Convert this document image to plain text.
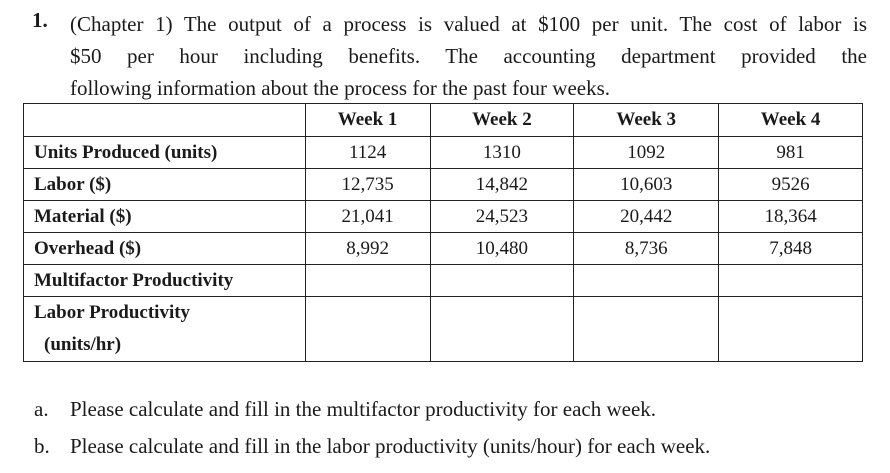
1. (Chapter 1) The output of a process is valued at $100 per unit. The cost of labor is
$50 per hour including benefits. The accounting department provided the
following information about the process for the past four weeks.
	Week 1	Week 2	Week 3	Week 4
Units Produced (units)	1124	1310	1092	981
Labor ($)	12,735	14,842	10,603	9526
Material ($)	21,041	24,523	20,442	18,364
Overhead ($)	8,992	10,480	8,736	7,848
Multifactor Productivity				

Labor Productivity
(units/hr)				

a. Please calculate and fill in the multifactor productivity for each week.
b. Please calculate and fill in the labor productivity (units/hour) for each week.
